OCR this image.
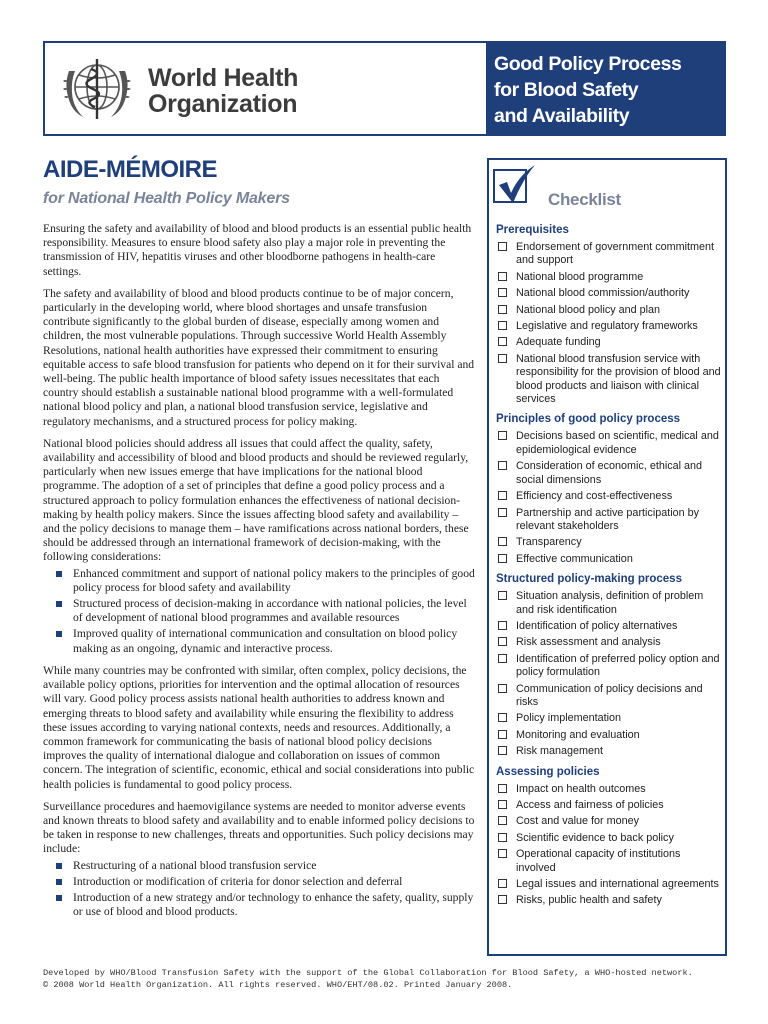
World Health
Organization
Good Policy Process
for Blood Safety
and Availability
AIDE-MÉMOIRE
for National Health Policy Makers

Ensuring the safety and availability of blood and blood products is an essential public health responsibility. Measures to ensure blood safety also play a major role in preventing the transmission of HIV, hepatitis viruses and other bloodborne pathogens in health-care settings.

The safety and availability of blood and blood products continue to be of major concern, particularly in the developing world, where blood shortages and unsafe transfusion contribute significantly to the global burden of disease, especially among women and children, the most vulnerable populations. Through successive World Health Assembly Resolutions, national health authorities have expressed their commitment to ensuring equitable access to safe blood transfusion for patients who depend on it for their survival and well-being. The public health importance of blood safety issues necessitates that each country should establish a sustainable national blood programme with a well-formulated national blood policy and plan, a national blood transfusion service, legislative and regulatory mechanisms, and a structured process for policy making.

National blood policies should address all issues that could affect the quality, safety, availability and accessibility of blood and blood products and should be reviewed regularly, particularly when new issues emerge that have implications for the national blood programme. The adoption of a set of principles that define a good policy process and a structured approach to policy formulation enhances the effectiveness of national decision-making by health policy makers. Since the issues affecting blood safety and availability – and the policy decisions to manage them – have ramifications across national borders, these should be addressed through an international framework of decision-making, with the following considerations:

Enhanced commitment and support of national policy makers to the principles of good policy process for blood safety and availability
Structured process of decision-making in accordance with national policies, the level of development of national blood programmes and available resources
Improved quality of international communication and consultation on blood policy making as an ongoing, dynamic and interactive process.

While many countries may be confronted with similar, often complex, policy decisions, the available policy options, priorities for intervention and the optimal allocation of resources will vary. Good policy process assists national health authorities to address known and emerging threats to blood safety and availability while ensuring the flexibility to address these issues according to varying national contexts, needs and resources. Additionally, a common framework for communicating the basis of national blood policy decisions improves the quality of international dialogue and collaboration on issues of common concern. The integration of scientific, economic, ethical and social considerations into public health policies is fundamental to good policy process.

Surveillance procedures and haemovigilance systems are needed to monitor adverse events and known threats to blood safety and availability and to enable informed policy decisions to be taken in response to new challenges, threats and opportunities. Such policy decisions may include:

Restructuring of a national blood transfusion service
Introduction or modification of criteria for donor selection and deferral
Introduction of a new strategy and/or technology to enhance the safety, quality, supply or use of blood and blood products.
Checklist
Prerequisites
Endorsement of government commitment and support
National blood programme
National blood commission/authority
National blood policy and plan
Legislative and regulatory frameworks
Adequate funding
National blood transfusion service with responsibility for the provision of blood and blood products and liaison with clinical services
Principles of good policy process
Decisions based on scientific, medical and epidemiological evidence
Consideration of economic, ethical and social dimensions
Efficiency and cost-effectiveness
Partnership and active participation by relevant stakeholders
Transparency
Effective communication
Structured policy-making process
Situation analysis, definition of problem and risk identification
Identification of policy alternatives
Risk assessment and analysis
Identification of preferred policy option and policy formulation
Communication of policy decisions and risks
Policy implementation
Monitoring and evaluation
Risk management
Assessing policies
Impact on health outcomes
Access and fairness of policies
Cost and value for money
Scientific evidence to back policy
Operational capacity of institutions involved
Legal issues and international agreements
Risks, public health and safety
Developed by WHO/Blood Transfusion Safety with the support of the Global Collaboration for Blood Safety, a WHO-hosted network.
© 2008 World Health Organization. All rights reserved. WHO/EHT/08.02. Printed January 2008.
